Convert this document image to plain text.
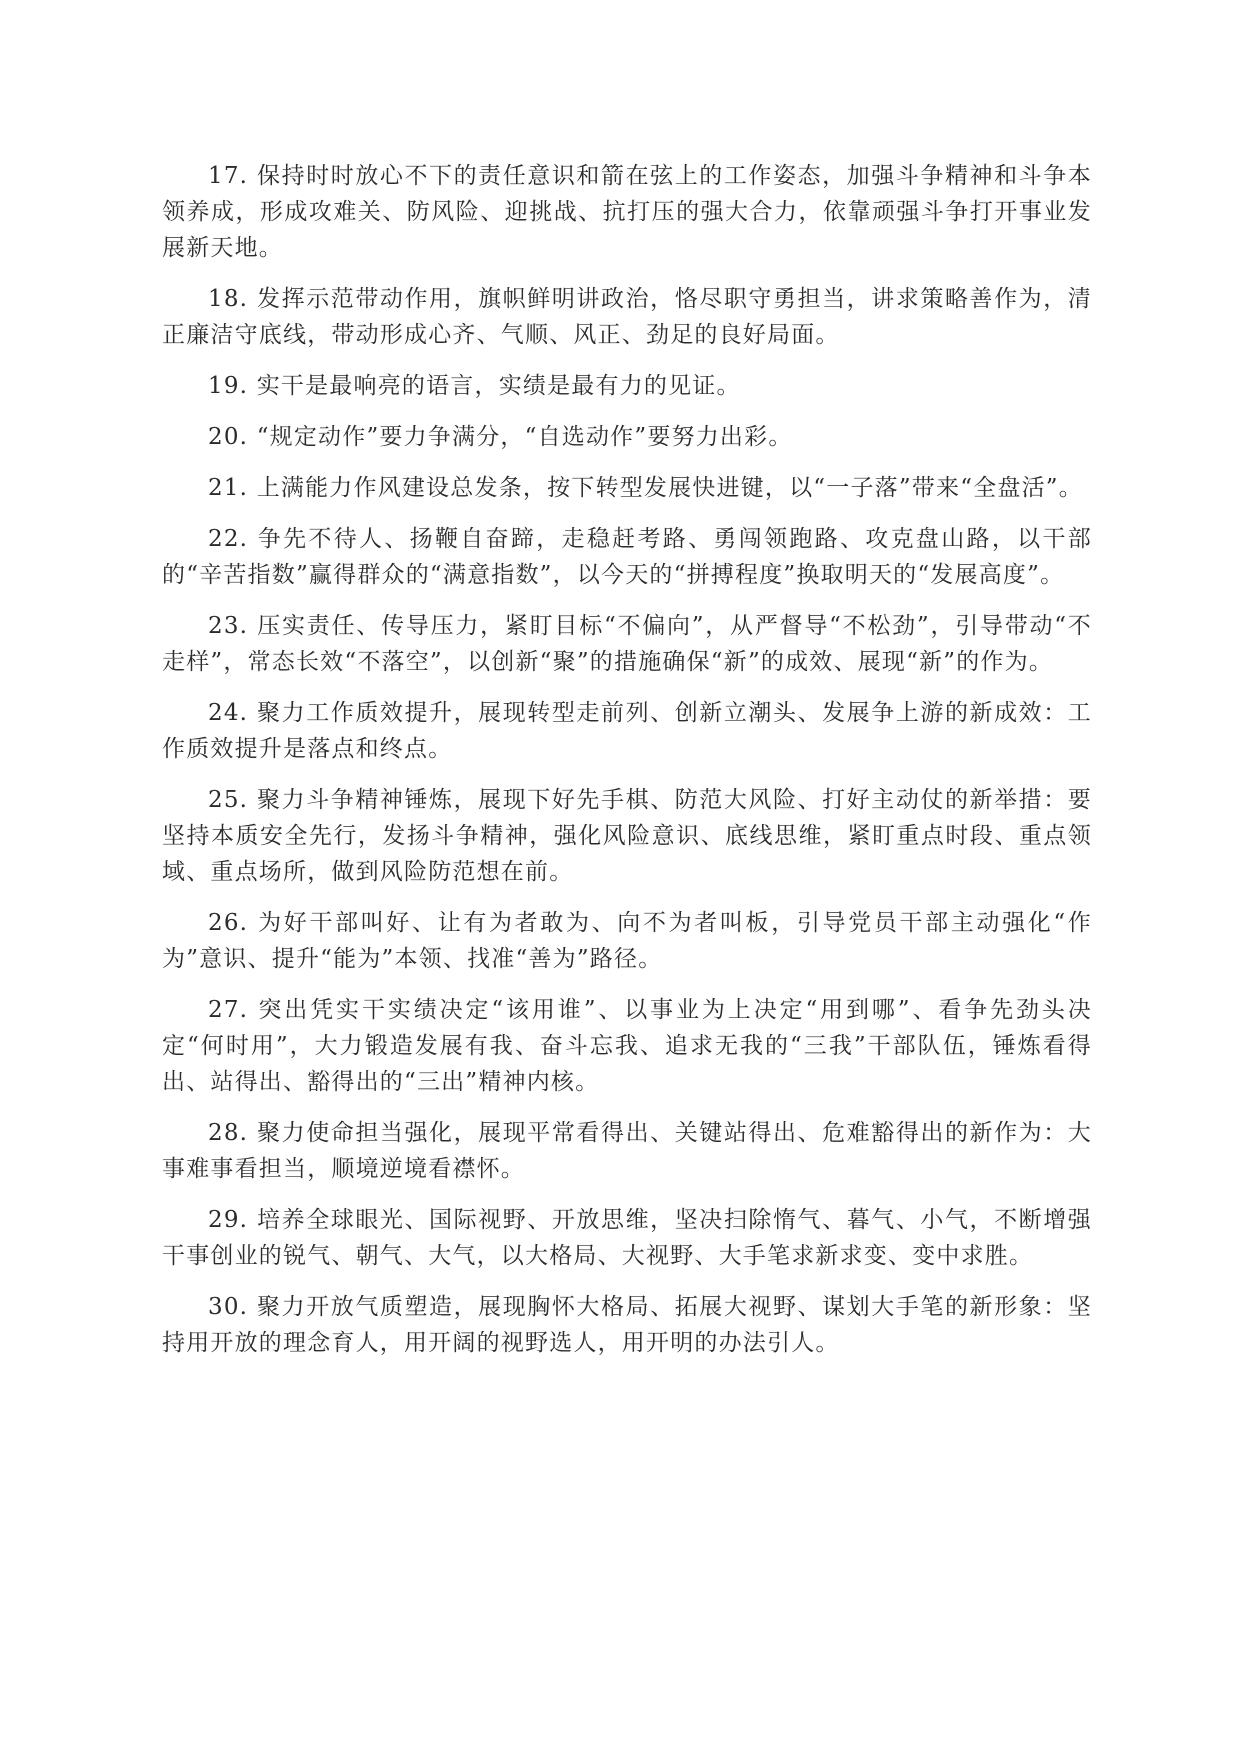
17. 保持时时放心不下的责任意识和箭在弦上的工作姿态，加强斗争精神和斗争本领养成，形成攻难关、防风险、迎挑战、抗打压的强大合力，依靠顽强斗争打开事业发展新天地。

18. 发挥示范带动作用，旗帜鲜明讲政治，恪尽职守勇担当，讲求策略善作为，清正廉洁守底线，带动形成心齐、气顺、风正、劲足的良好局面。

19. 实干是最响亮的语言，实绩是最有力的见证。

20. “规定动作”要力争满分，“自选动作”要努力出彩。

21. 上满能力作风建设总发条，按下转型发展快进键，以“一子落”带来“全盘活”。

22. 争先不待人、扬鞭自奋蹄，走稳赶考路、勇闯领跑路、攻克盘山路，以干部的“辛苦指数”赢得群众的“满意指数”，以今天的“拼搏程度”换取明天的“发展高度”。

23. 压实责任、传导压力，紧盯目标“不偏向”，从严督导“不松劲”，引导带动“不走样”，常态长效“不落空”，以创新“聚”的措施确保“新”的成效、展现“新”的作为。

24. 聚力工作质效提升，展现转型走前列、创新立潮头、发展争上游的新成效：工作质效提升是落点和终点。

25. 聚力斗争精神锤炼，展现下好先手棋、防范大风险、打好主动仗的新举措：要坚持本质安全先行，发扬斗争精神，强化风险意识、底线思维，紧盯重点时段、重点领域、重点场所，做到风险防范想在前。

26. 为好干部叫好、让有为者敢为、向不为者叫板，引导党员干部主动强化“作为”意识、提升“能为”本领、找准“善为”路径。

27. 突出凭实干实绩决定“该用谁”、以事业为上决定“用到哪”、看争先劲头决定“何时用”，大力锻造发展有我、奋斗忘我、追求无我的“三我”干部队伍，锤炼看得出、站得出、豁得出的“三出”精神内核。

28. 聚力使命担当强化，展现平常看得出、关键站得出、危难豁得出的新作为：大事难事看担当，顺境逆境看襟怀。

29. 培养全球眼光、国际视野、开放思维，坚决扫除惰气、暮气、小气，不断增强干事创业的锐气、朝气、大气，以大格局、大视野、大手笔求新求变、变中求胜。

30. 聚力开放气质塑造，展现胸怀大格局、拓展大视野、谋划大手笔的新形象：坚持用开放的理念育人，用开阔的视野选人，用开明的办法引人。
